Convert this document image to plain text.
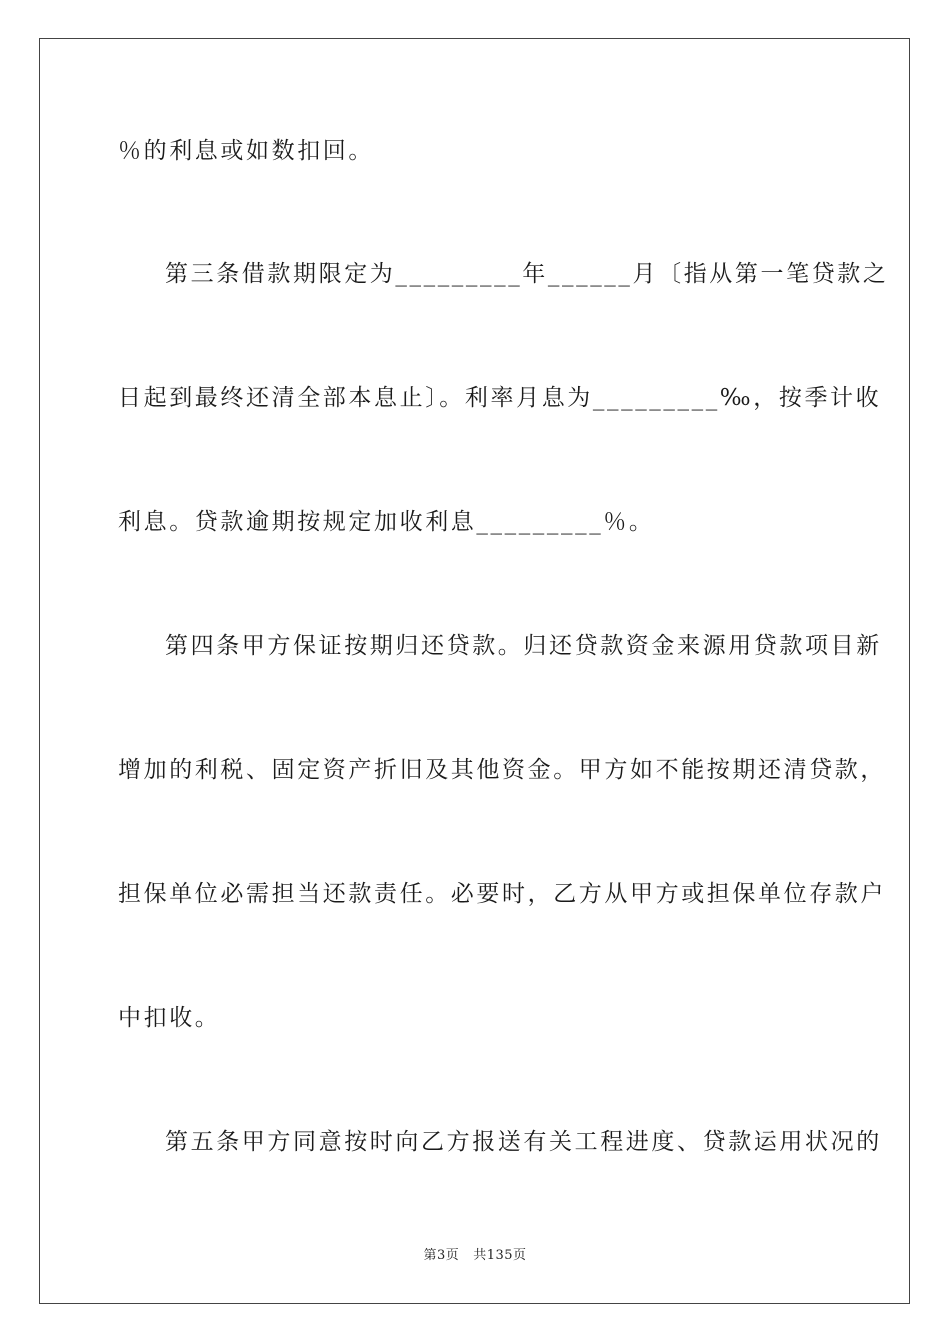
％的利息或如数扣回。
第三条借款期限定为_________年______月〔指从第一笔贷款之
日起到最终还清全部本息止〕。利率月息为_________‰，按季计收
利息。贷款逾期按规定加收利息_________％。
第四条甲方保证按期归还贷款。归还贷款资金来源用贷款项目新
增加的利税、固定资产折旧及其他资金。甲方如不能按期还清贷款，
担保单位必需担当还款责任。必要时，乙方从甲方或担保单位存款户
中扣收。
第五条甲方同意按时向乙方报送有关工程进度、贷款运用状况的
第3页 共135页
